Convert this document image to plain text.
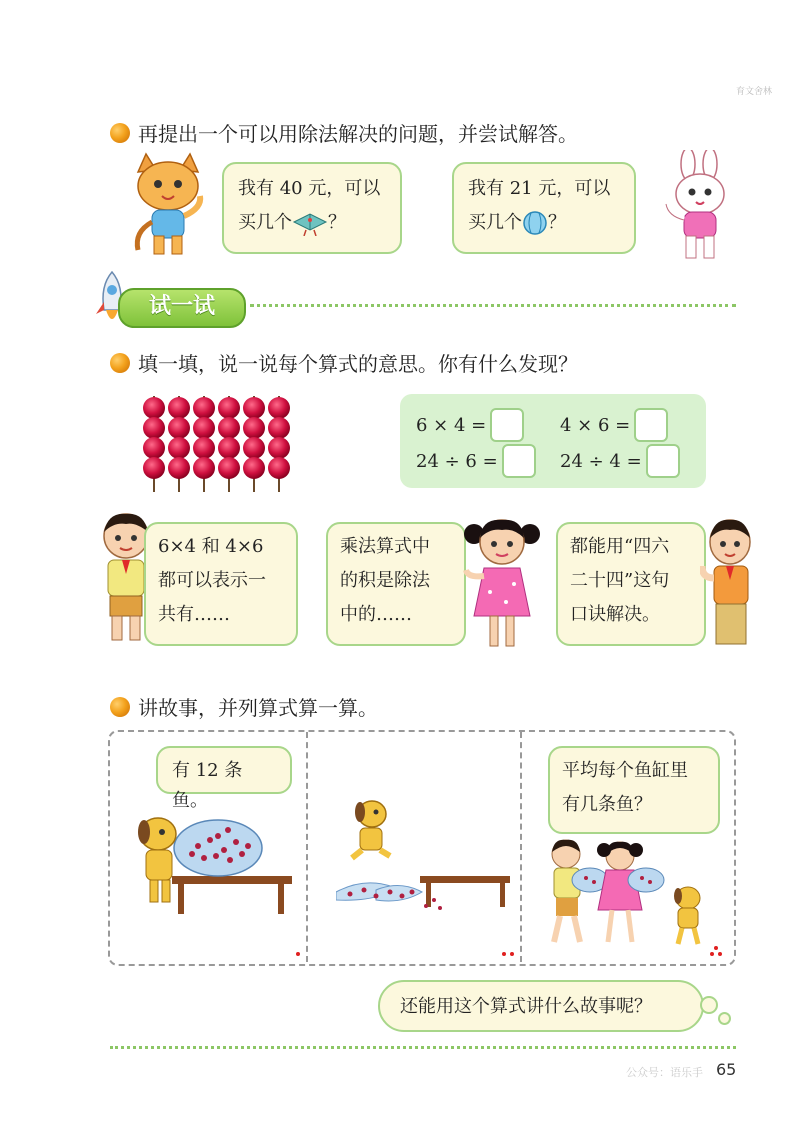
育文舍林
再提出一个可以用除法解决的问题，并尝试解答。
我有 40 元，可以
买几个 ？
我有 21 元，可以
买几个 ？
试一试
填一填，说一说每个算式的意思。你有什么发现？
6 × 4 =	4 × 6 =
24 ÷ 6 =	24 ÷ 4 =
6×4 和 4×6
都可以表示一
共有……
乘法算式中
的积是除法
中的……
都能用“四六
二十四”这句
口诀解决。
讲故事，并列算式算一算。
有 12 条鱼。
平均每个鱼缸里
有几条鱼？
还能用这个算式讲什么故事呢？
公众号：语乐手 65
